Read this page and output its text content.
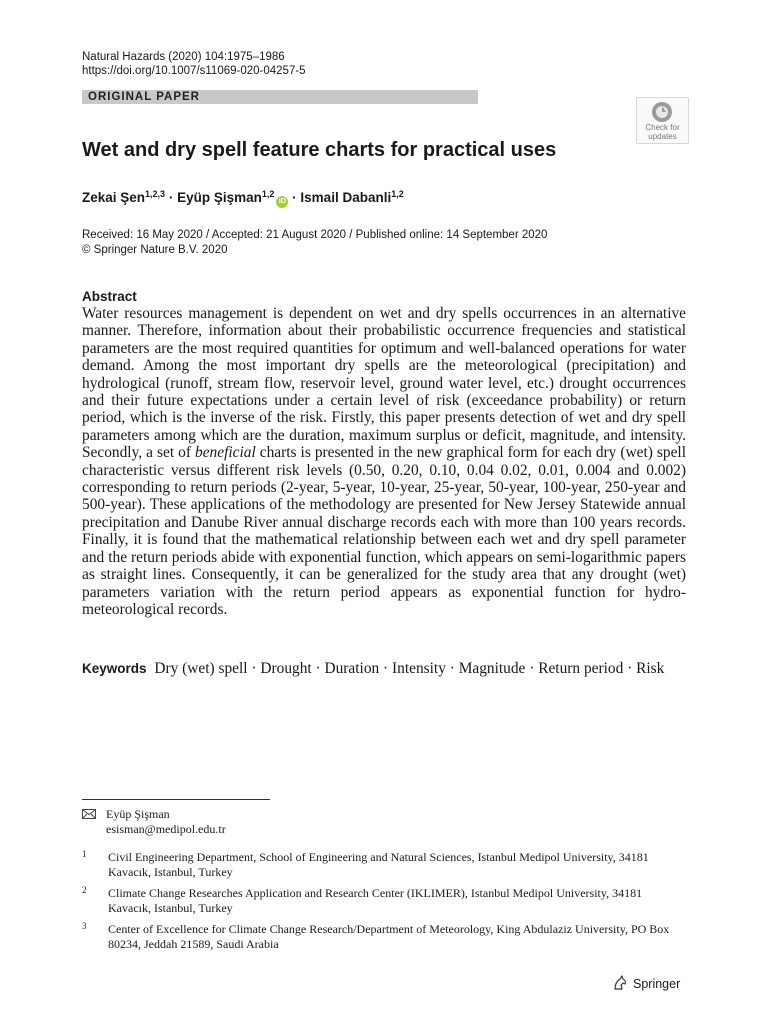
Natural Hazards (2020) 104:1975–1986
https://doi.org/10.1007/s11069-020-04257-5
ORIGINAL PAPER
Check for
updates
Wet and dry spell feature charts for practical uses
Zekai Şen$^{1,2,3}$ · Eyüp Şişman$^{1,2}$iD · Ismail Dabanli$^{1,2}$
Received: 16 May 2020 / Accepted: 21 August 2020 / Published online: 14 September 2020
© Springer Nature B.V. 2020
Abstract

Water resources management is dependent on wet and dry spells occurrences in an alternative manner. Therefore, information about their probabilistic occurrence frequencies and statistical parameters are the most required quantities for optimum and well-balanced operations for water demand. Among the most important dry spells are the meteorological (precipitation) and hydrological (runoff, stream flow, reservoir level, ground water level, etc.) drought occurrences and their future expectations under a certain level of risk (exceedance probability) or return period, which is the inverse of the risk. Firstly, this paper presents detection of wet and dry spell parameters among which are the duration, maximum surplus or deficit, magnitude, and intensity. Secondly, a set of beneficial charts is presented in the new graphical form for each dry (wet) spell characteristic versus different risk levels (0.50, 0.20, 0.10, 0.04 0.02, 0.01, 0.004 and 0.002) corresponding to return periods (2-year, 5-year, 10-year, 25-year, 50-year, 100-year, 250-year and 500-year). These applications of the methodology are presented for New Jersey Statewide annual precipitation and Danube River annual discharge records each with more than 100 years records. Finally, it is found that the mathematical relationship between each wet and dry spell parameter and the return periods abide with exponential function, which appears on semi-logarithmic papers as straight lines. Consequently, it can be generalized for the study area that any drought (wet) parameters variation with the return period appears as exponential function for hydro-meteorological records.

Keywords Dry (wet) spell · Drought · Duration · Intensity · Magnitude · Return period · Risk
Eyüp Şişman
esisman@medipol.edu.tr
1 Civil Engineering Department, School of Engineering and Natural Sciences, Istanbul Medipol University, 34181 Kavacık, Istanbul, Turkey
2 Climate Change Researches Application and Research Center (IKLIMER), Istanbul Medipol University, 34181 Kavacık, Istanbul, Turkey
3 Center of Excellence for Climate Change Research/Department of Meteorology, King Abdulaziz University, PO Box 80234, Jeddah 21589, Saudi Arabia
Springer
